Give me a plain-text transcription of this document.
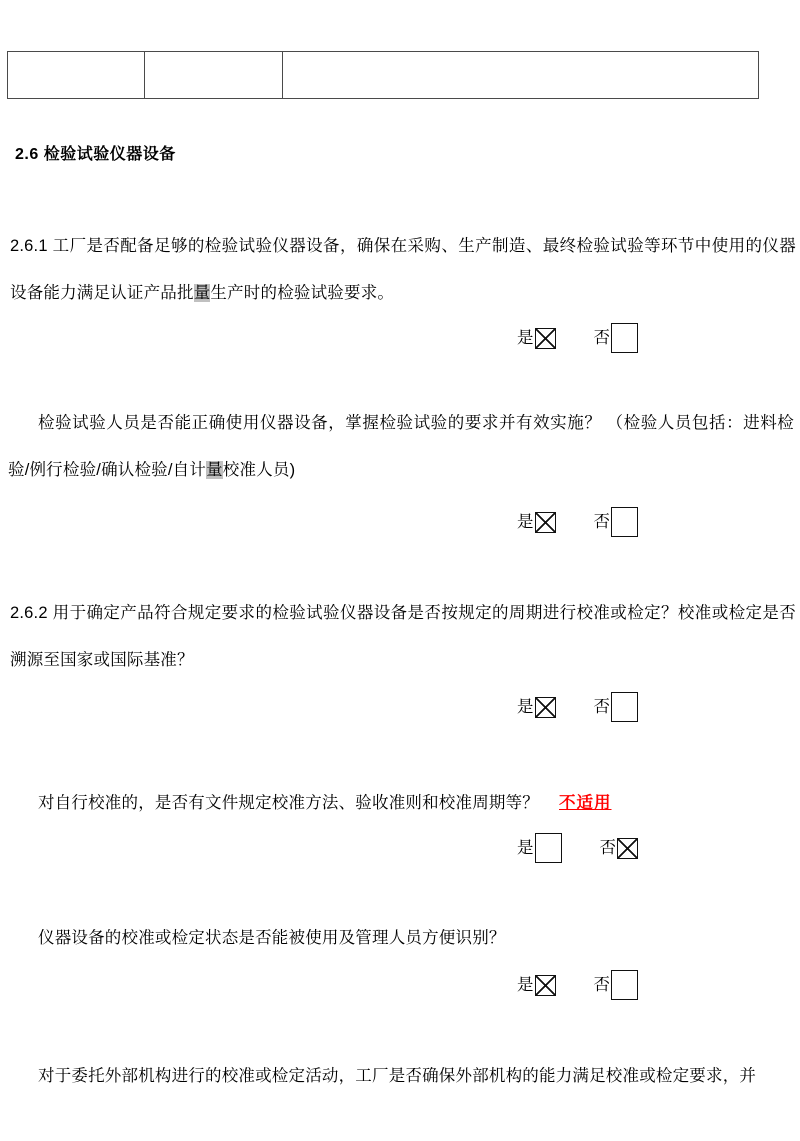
2.6 检验试验仪器设备
2.6.1 工厂是否配备足够的检验试验仪器设备，确保在采购、生产制造、最终检验试验等环节中使用的仪器设备能力满足认证产品批量生产时的检验试验要求。
是	否
检验试验人员是否能正确使用仪器设备，掌握检验试验的要求并有效实施？ （检验人员包括：进料检验/例行检验/确认检验/自计量校准人员)
是	否
2.6.2 用于确定产品符合规定要求的检验试验仪器设备是否按规定的周期进行校准或检定？校准或检定是否溯源至国家或国际基准？
是	否
对自行校准的，是否有文件规定校准方法、验收准则和校准周期等？ 不适用
是	否
仪器设备的校准或检定状态是否能被使用及管理人员方便识别？
是	否
对于委托外部机构进行的校准或检定活动，工厂是否确保外部机构的能力满足校准或检定要求，并
